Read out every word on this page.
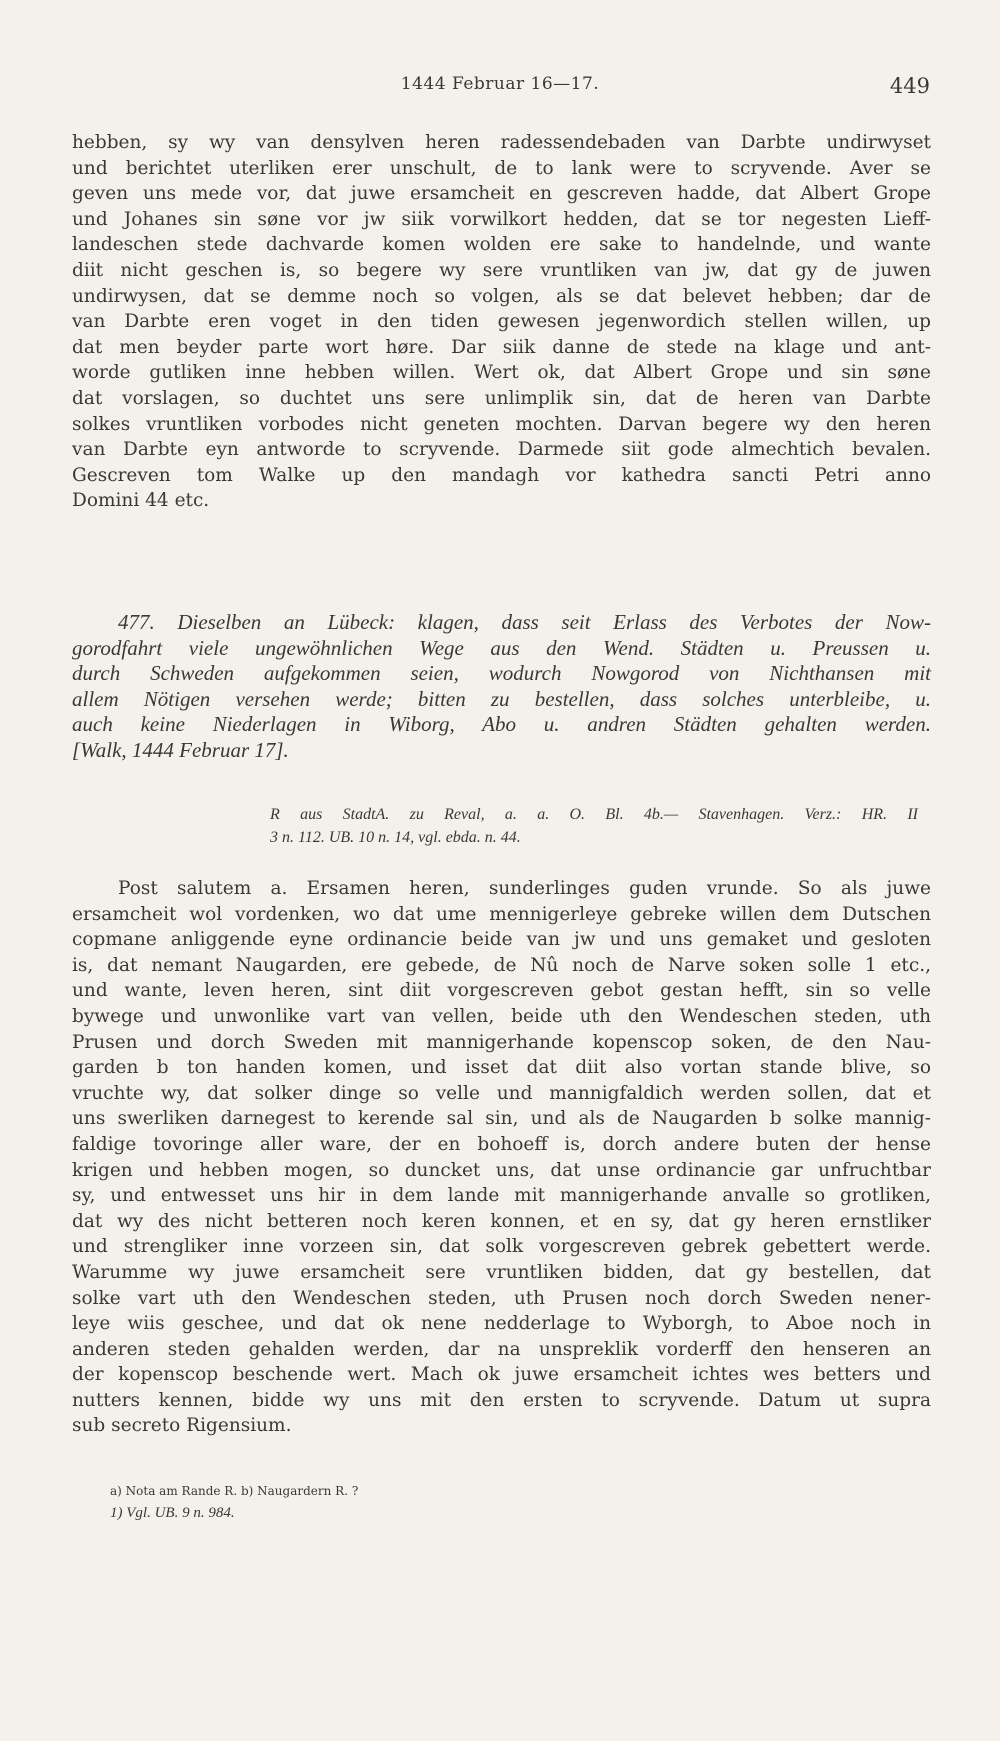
1444 Februar 16—17.	449
hebben, sy wy van densylven heren radessendebaden van Darbte undirwyset
und berichtet uterliken erer unschult, de to lank were to scryvende. Aver se
geven uns mede vor, dat juwe ersamcheit en gescreven hadde, dat Albert Grope
und Johanes sin søne vor jw siik vorwilkort hedden, dat se tor negesten Lieff-
landeschen stede dachvarde komen wolden ere sake to handelnde, und wante
diit nicht geschen is, so begere wy sere vruntliken van jw, dat gy de juwen
undirwysen, dat se demme noch so volgen, als se dat belevet hebben; dar de
van Darbte eren voget in den tiden gewesen jegenwordich stellen willen, up
dat men beyder parte wort høre. Dar siik danne de stede na klage und ant-
worde gutliken inne hebben willen. Wert ok, dat Albert Grope und sin søne
dat vorslagen, so duchtet uns sere unlimplik sin, dat de heren van Darbte
solkes vruntliken vorbodes nicht geneten mochten. Darvan begere wy den heren
van Darbte eyn antworde to scryvende. Darmede siit gode almechtich bevalen.
Gescreven tom Walke up den mandagh vor kathedra sancti Petri anno
Domini 44 etc.
477. Dieselben an Lübeck: klagen, dass seit Erlass des Verbotes der Now-
gorodfahrt viele ungewöhnlichen Wege aus den Wend. Städten u. Preussen u.
durch Schweden aufgekommen seien, wodurch Nowgorod von Nichthansen mit
allem Nötigen versehen werde; bitten zu bestellen, dass solches unterbleibe, u.
auch keine Niederlagen in Wiborg, Abo u. andren Städten gehalten werden.
[Walk, 1444 Februar 17].
R aus StadtA. zu Reval, a. a. O. Bl. 4b.— Stavenhagen. Verz.: HR. II
3 n. 112. UB. 10 n. 14, vgl. ebda. n. 44.
Post salutem a. Ersamen heren, sunderlinges guden vrunde. So als juwe
ersamcheit wol vordenken, wo dat ume mennigerleye gebreke willen dem Dutschen
copmane anliggende eyne ordinancie beide van jw und uns gemaket und gesloten
is, dat nemant Naugarden, ere gebede, de Nû noch de Narve soken solle 1 etc.,
und wante, leven heren, sint diit vorgescreven gebot gestan hefft, sin so velle
bywege und unwonlike vart van vellen, beide uth den Wendeschen steden, uth
Prusen und dorch Sweden mit mannigerhande kopenscop soken, de den Nau-
garden b ton handen komen, und isset dat diit also vortan stande blive, so
vruchte wy, dat solker dinge so velle und mannigfaldich werden sollen, dat et
uns swerliken darnegest to kerende sal sin, und als de Naugarden b solke mannig-
faldige tovoringe aller ware, der en bohoeff is, dorch andere buten der hense
krigen und hebben mogen, so duncket uns, dat unse ordinancie gar unfruchtbar
sy, und entwesset uns hir in dem lande mit mannigerhande anvalle so grotliken,
dat wy des nicht betteren noch keren konnen, et en sy, dat gy heren ernstliker
und strengliker inne vorzeen sin, dat solk vorgescreven gebrek gebettert werde.
Warumme wy juwe ersamcheit sere vruntliken bidden, dat gy bestellen, dat
solke vart uth den Wendeschen steden, uth Prusen noch dorch Sweden nener-
leye wiis geschee, und dat ok nene nedderlage to Wyborgh, to Aboe noch in
anderen steden gehalden werden, dar na unspreklik vorderff den henseren an
der kopenscop beschende wert. Mach ok juwe ersamcheit ichtes wes betters und
nutters kennen, bidde wy uns mit den ersten to scryvende. Datum ut supra
sub secreto Rigensium.
a) Nota am Rande R. b) Naugardern R. ?
1) Vgl. UB. 9 n. 984.
